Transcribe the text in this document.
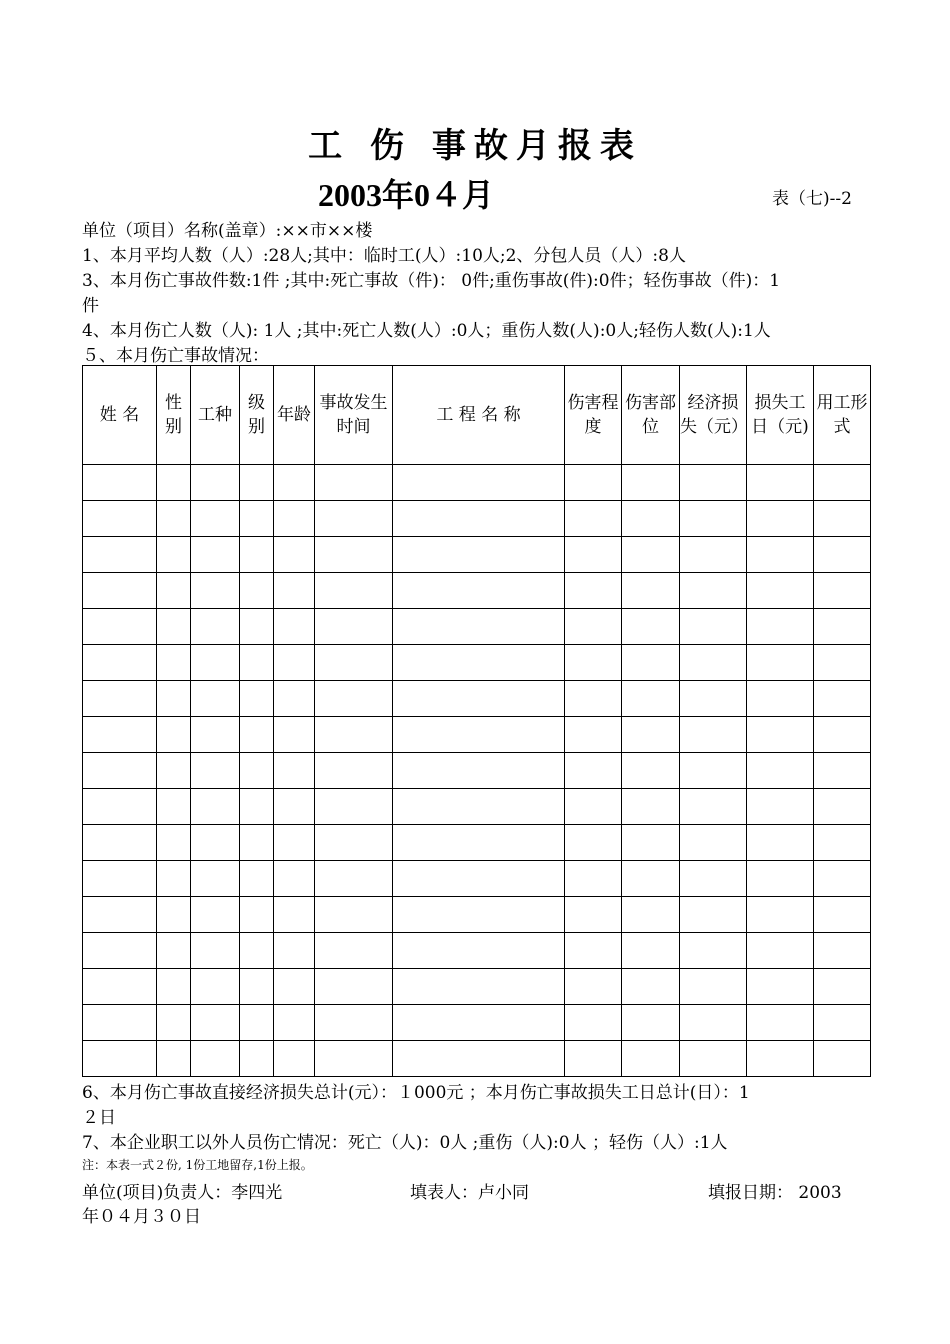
工 伤 事故月报表
2003年0４月	表（七)--2
单位（项目）名称(盖章）:××市××楼
1、本月平均人数（人）:28人;其中：临时工(人）:10人;2、分包人员（人）:8人
3、本月伤亡事故件数:1件 ;其中:死亡事故（件)： 0件;重伤事故(件):0件；轻伤事故（件)：1
件
4、本月伤亡人数（人): 1人 ;其中:死亡人数(人）:0人；重伤人数(人):0人;轻伤人数(人):1人
５、本月伤亡事故情况：
姓 名	性别	工种	级别	年龄	事故发生时间	工 程 名 称	伤害程度	伤害部位	经济损失（元）	损失工日（元)	用工形式

6、本月伤亡事故直接经济损失总计(元）：１000元 ；本月伤亡事故损失工日总计(日）：1
２日
7、本企业职工以外人员伤亡情况：死亡（人)：0人 ;重伤（人):0人 ；轻伤（人）:1人
注：本表一式２份, 1份工地留存,1份上报。
单位(项目)负责人：李四光	填表人：卢小同	填报日期： 2003
年０４月３０日
